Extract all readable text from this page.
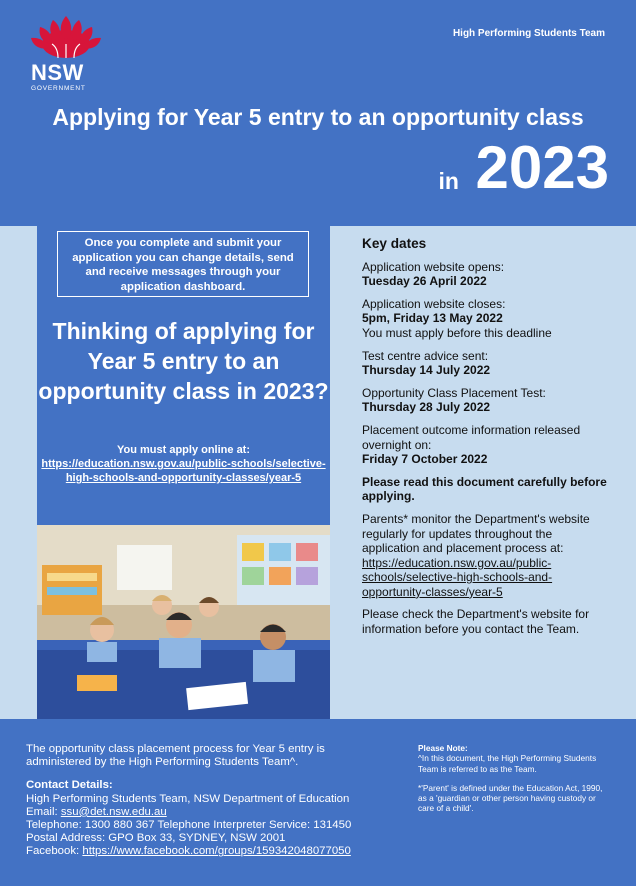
NSW
GOVERNMENT
High Performing Students Team
Applying for Year 5 entry to an opportunity class
in 2023
Once you complete and submit your application you can change details, send and receive messages through your application dashboard.
Thinking of applying for Year 5 entry to an opportunity class in 2023?
You must apply online at:
https://education.nsw.gov.au/public-schools/selective-high-schools-and-opportunity-classes/year-5
Key dates
Application website opens:
Tuesday 26 April 2022
Application website closes:
5pm, Friday 13 May 2022
You must apply before this deadline
Test centre advice sent:
Thursday 14 July 2022
Opportunity Class Placement Test:
Thursday 28 July 2022
Placement outcome information released overnight on:
Friday 7 October 2022
Please read this document carefully before applying.
Parents* monitor the Department's website regularly for updates throughout the application and placement process at:
https://education.nsw.gov.au/public-schools/selective-high-schools-and-opportunity-classes/year-5
Please check the Department's website for information before you contact the Team.
The opportunity class placement process for Year 5 entry is administered by the High Performing Students Team^.
Contact Details:
High Performing Students Team, NSW Department of Education
Email: ssu@det.nsw.edu.au
Telephone: 1300 880 367 Telephone Interpreter Service: 131450
Postal Address: GPO Box 33, SYDNEY, NSW 2001
Facebook: https://www.facebook.com/groups/159342048077050
Please Note:
^In this document, the High Performing Students Team is referred to as the Team.
*'Parent' is defined under the Education Act, 1990, as a 'guardian or other person having custody or care of a child'.
